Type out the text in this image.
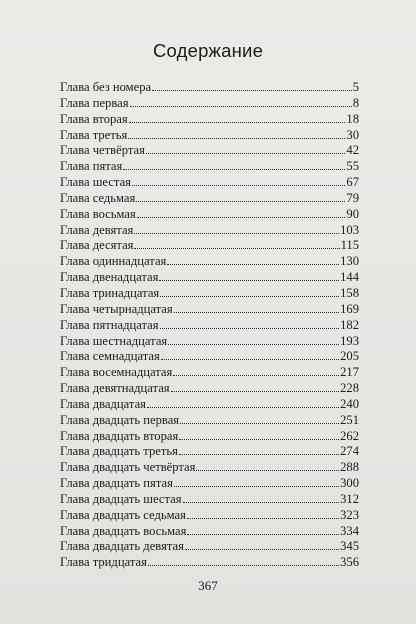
Содержание
Глава без номера	5
Глава первая	8
Глава вторая	18
Глава третья	30
Глава четвёртая	42
Глава пятая	55
Глава шестая	67
Глава седьмая	79
Глава восьмая	90
Глава девятая	103
Глава десятая	115
Глава одиннадцатая	130
Глава двенадцатая	144
Глава тринадцатая	158
Глава четырнадцатая	169
Глава пятнадцатая	182
Глава шестнадцатая	193
Глава семнадцатая	205
Глава восемнадцатая	217
Глава девятнадцатая	228
Глава двадцатая	240
Глава двадцать первая	251
Глава двадцать вторая	262
Глава двадцать третья	274
Глава двадцать четвёртая	288
Глава двадцать пятая	300
Глава двадцать шестая	312
Глава двадцать седьмая	323
Глава двадцать восьмая	334
Глава двадцать девятая	345
Глава тридцатая	356
367
